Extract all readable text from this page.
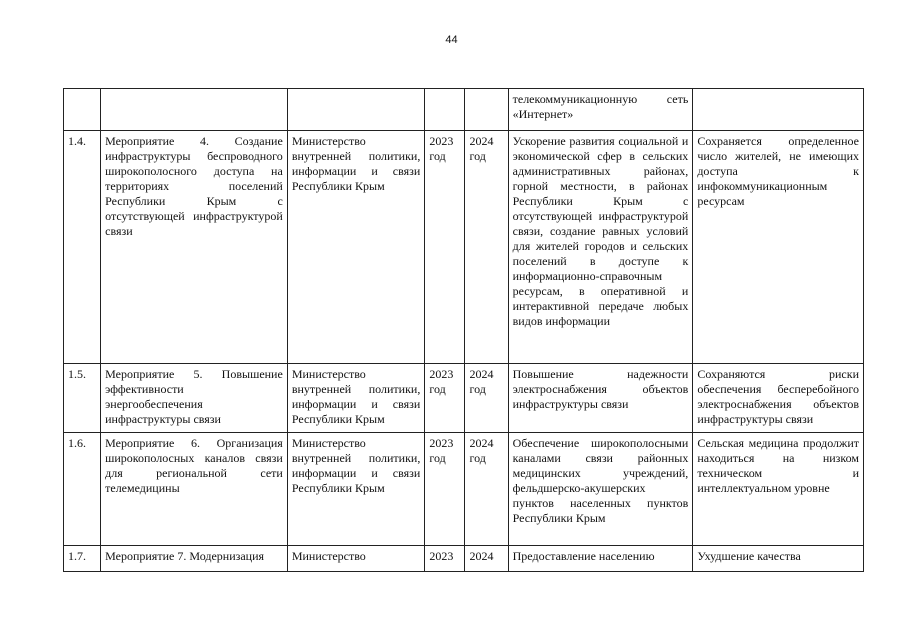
44
					телекоммуникационную сеть «Интернет»	
1.4.	Мероприятие 4. Создание инфраструктуры беспроводного широкополосного доступа на территориях поселений Республики Крым с отсутствующей инфраструктурой связи	Министерство внутренней политики, информации и связи Республики Крым	2023 год	2024 год	Ускорение развития социальной и экономической сфер в сельских административных районах, горной местности, в районах Республики Крым с отсутствующей инфраструктурой связи, создание равных условий для жителей городов и сельских поселений в доступе к информационно-справочным ресурсам, в оперативной и интерактивной передаче любых видов информации	Сохраняется определенное число жителей, не имеющих доступа к инфокоммуникационным ресурсам
1.5.	Мероприятие 5. Повышение эффективности энергообеспечения инфраструктуры связи	Министерство внутренней политики, информации и связи Республики Крым	2023 год	2024 год	Повышение надежности электроснабжения объектов инфраструктуры связи	Сохраняются риски обеспечения бесперебойного электроснабжения объектов инфраструктуры связи
1.6.	Мероприятие 6. Организация широкополосных каналов связи для региональной сети телемедицины	Министерство внутренней политики, информации и связи Республики Крым	2023 год	2024 год	Обеспечение широкополосными каналами связи районных медицинских учреждений, фельдшерско-акушерских пунктов населенных пунктов Республики Крым	Сельская медицина продолжит находиться на низком техническом и интеллектуальном уровне
1.7.	Мероприятие 7. Модернизация	Министерство	2023	2024	Предоставление населению	Ухудшение качества
